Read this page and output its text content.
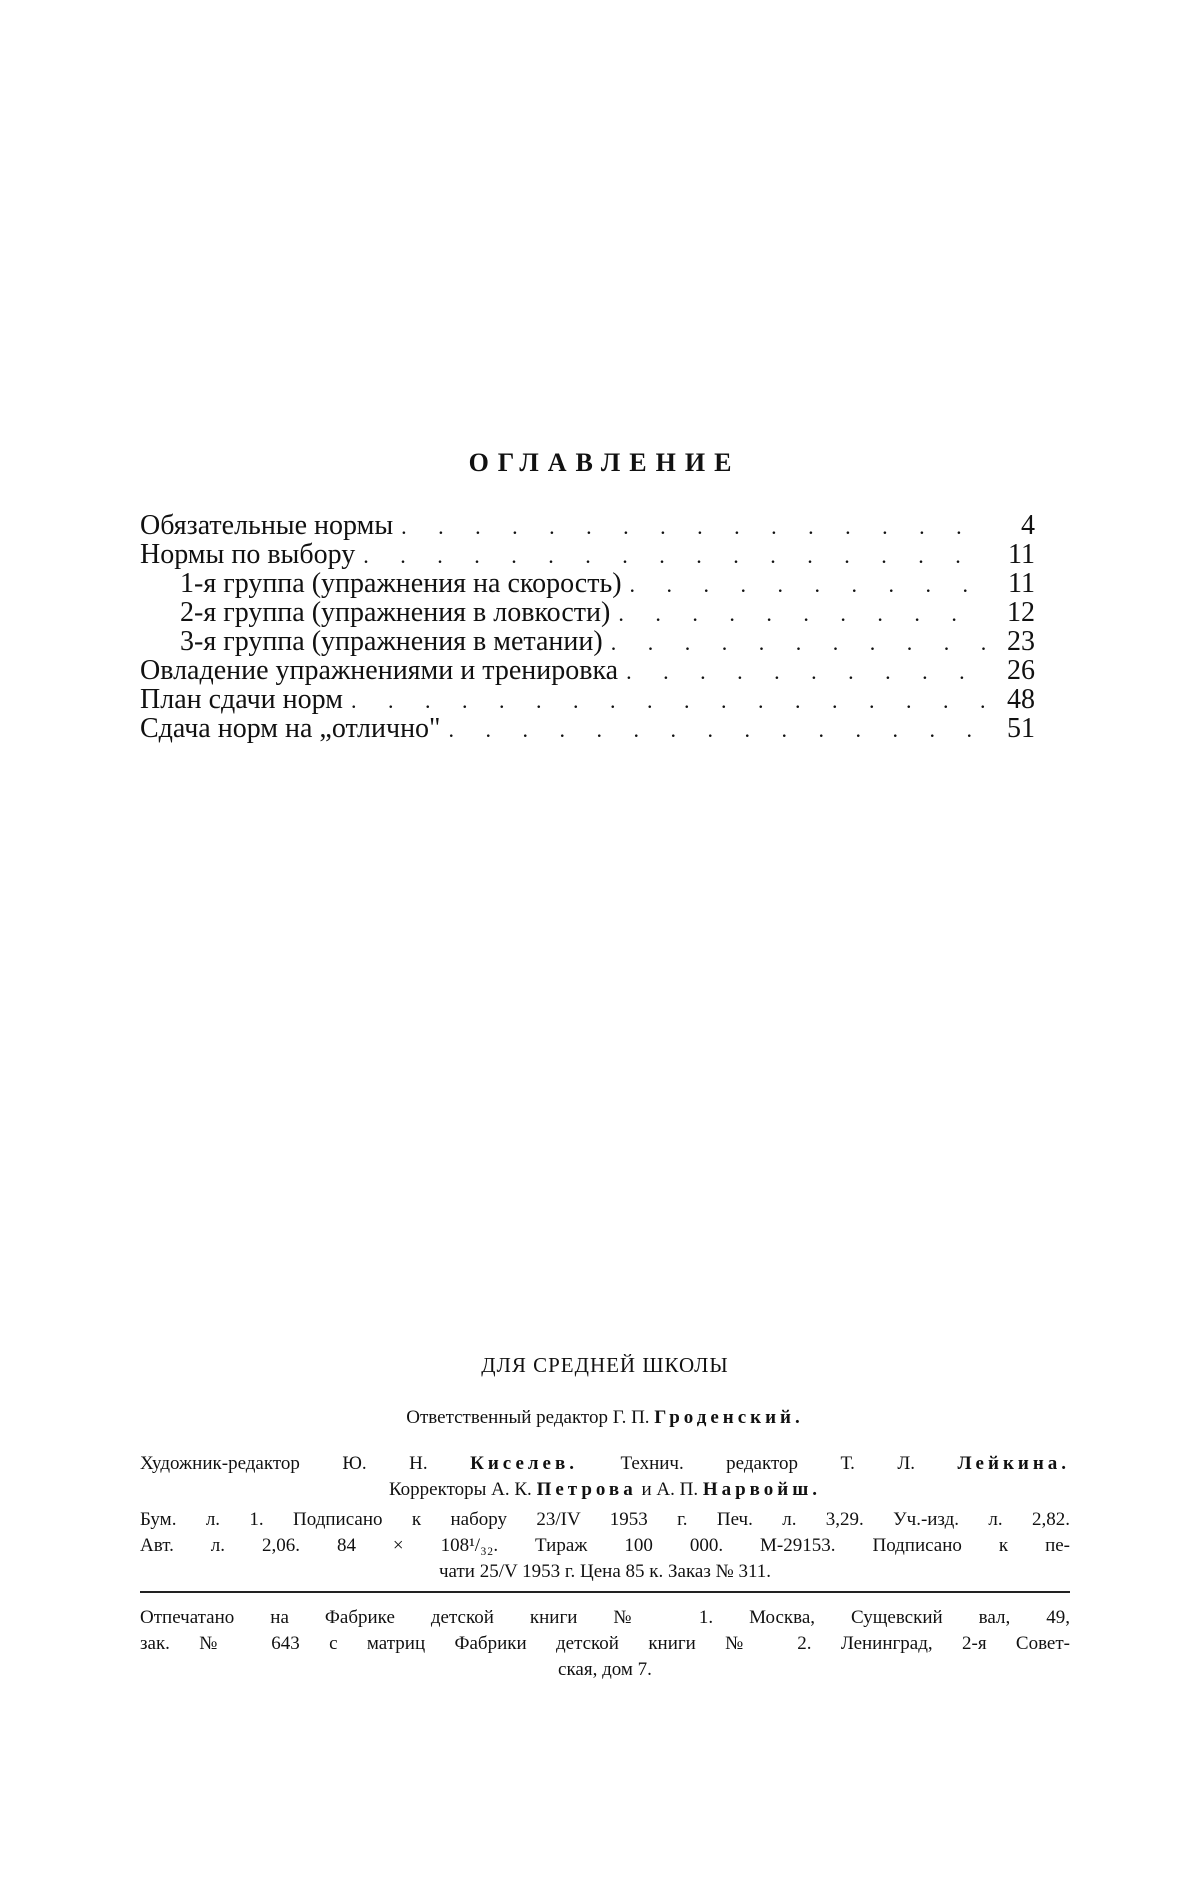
ОГЛАВЛЕНИЕ
Обязательные нормы . . .	4
Нормы по выбору . . .	11
1-я группа (упражнения на скорость) . . .	11
2-я группа (упражнения в ловкости) . . .	12
3-я группа (упражнения в метании) . . .	23
Овладение упражнениями и тренировка . . .	26
План сдачи норм . . .	48
Сдача норм на „отлично" . . .	51
ДЛЯ СРЕДНЕЙ ШКОЛЫ

Ответственный редактор Г. П. Гроденский.

Художник-редактор Ю. Н. Киселев. Технич. редактор Т. Л. Лейкина.

Корректоры А. К. Петрова и А. П. Нарвойш.

Бум. л. 1. Подписано к набору 23/IV 1953 г. Печ. л. 3,29. Уч.-изд. л. 2,82.

Авт. л. 2,06. 84 × 108¹/₃₂. Тираж 100 000. М-29153. Подписано к пе-

чати 25/V 1953 г. Цена 85 к. Заказ № 311.

Отпечатано на Фабрике детской книги № 1. Москва, Сущевский вал, 49,

зак. № 643 с матриц Фабрики детской книги № 2. Ленинград, 2-я Совет-

ская, дом 7.
